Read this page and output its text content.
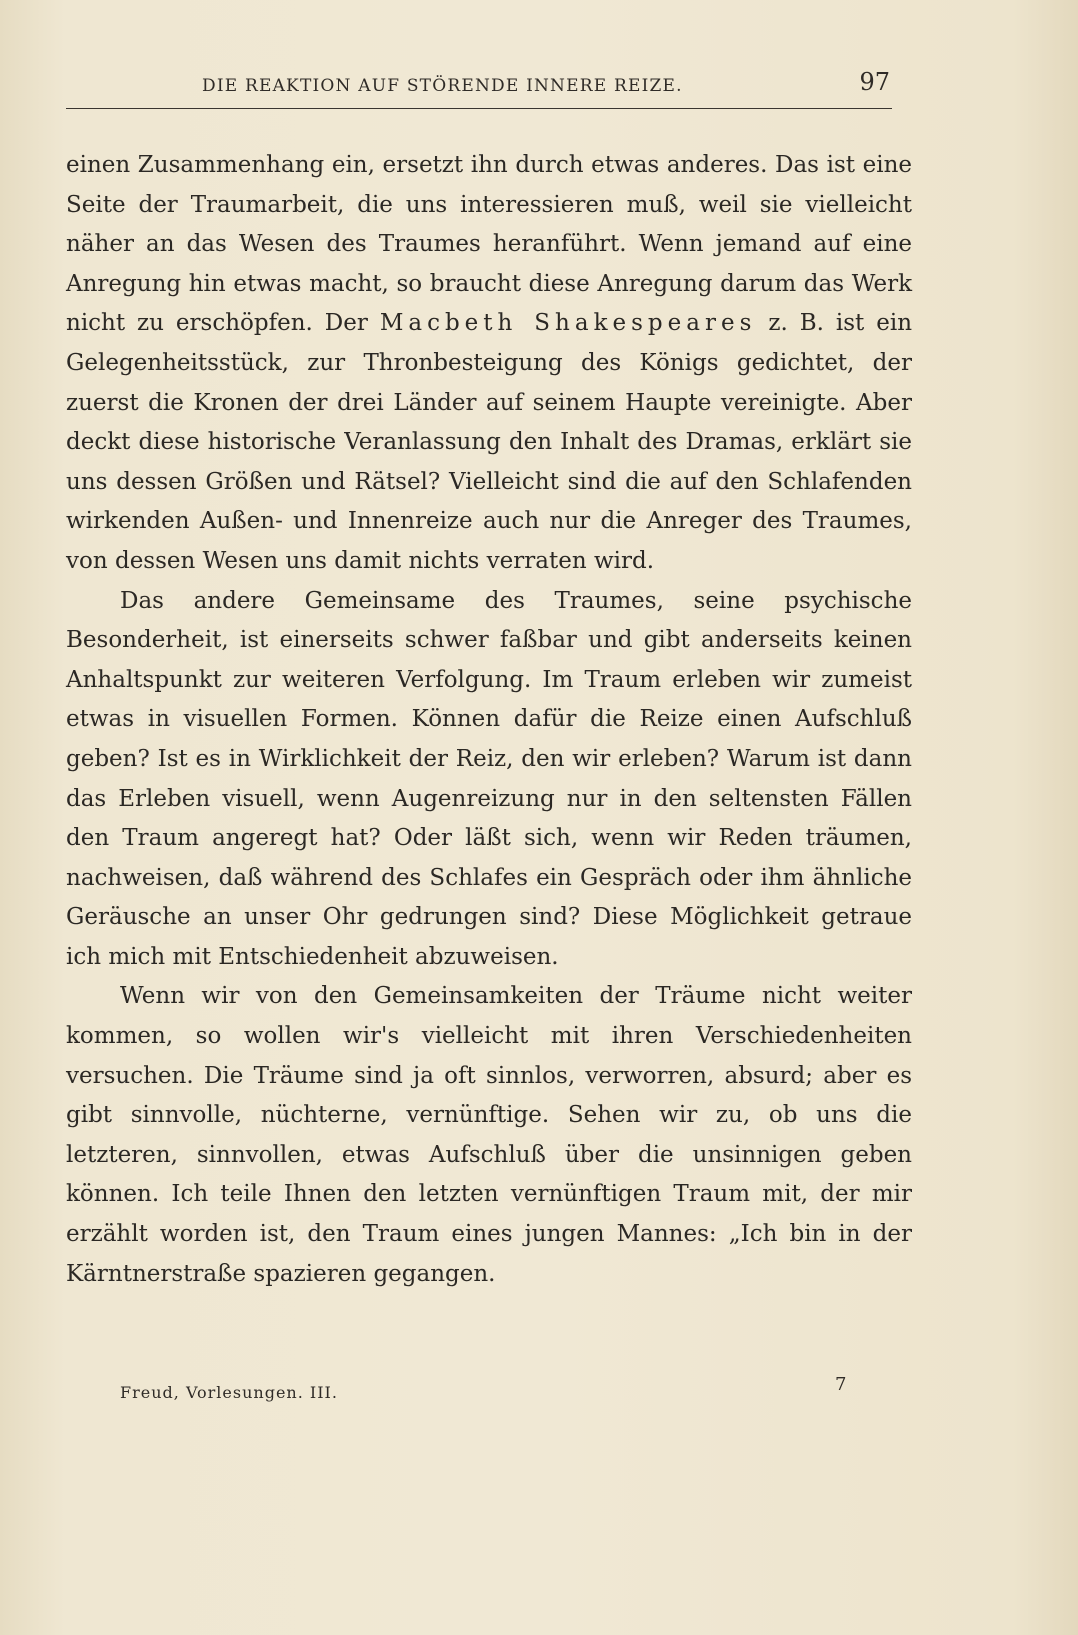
DIE REAKTION AUF STÖRENDE INNERE REIZE.	97

einen Zusammenhang ein, ersetzt ihn durch etwas anderes. Das ist eine Seite der Traumarbeit, die uns interessieren muß, weil sie vielleicht näher an das Wesen des Traumes heranführt. Wenn jemand auf eine Anregung hin etwas macht, so braucht diese Anregung darum das Werk nicht zu erschöpfen. Der Macbeth Shakespeares z. B. ist ein Gelegenheitsstück, zur Thronbesteigung des Königs gedichtet, der zuerst die Kronen der drei Länder auf seinem Haupte vereinigte. Aber deckt diese historische Veranlassung den Inhalt des Dramas, erklärt sie uns dessen Größen und Rätsel? Vielleicht sind die auf den Schlafenden wirkenden Außen- und Innenreize auch nur die Anreger des Traumes, von dessen Wesen uns damit nichts verraten wird.

Das andere Gemeinsame des Traumes, seine psychische Besonderheit, ist einerseits schwer faßbar und gibt anderseits keinen Anhaltspunkt zur weiteren Verfolgung. Im Traum erleben wir zumeist etwas in visuellen Formen. Können dafür die Reize einen Aufschluß geben? Ist es in Wirklichkeit der Reiz, den wir erleben? Warum ist dann das Erleben visuell, wenn Augenreizung nur in den seltensten Fällen den Traum angeregt hat? Oder läßt sich, wenn wir Reden träumen, nachweisen, daß während des Schlafes ein Gespräch oder ihm ähnliche Geräusche an unser Ohr gedrungen sind? Diese Möglichkeit getraue ich mich mit Entschiedenheit abzuweisen.

Wenn wir von den Gemeinsamkeiten der Träume nicht weiter kommen, so wollen wir's vielleicht mit ihren Verschiedenheiten versuchen. Die Träume sind ja oft sinnlos, verworren, absurd; aber es gibt sinnvolle, nüchterne, vernünftige. Sehen wir zu, ob uns die letzteren, sinnvollen, etwas Aufschluß über die unsinnigen geben können. Ich teile Ihnen den letzten vernünftigen Traum mit, der mir erzählt worden ist, den Traum eines jungen Mannes: „Ich bin in der Kärntnerstraße spazieren gegangen.

Freud, Vorlesungen. III.	7
